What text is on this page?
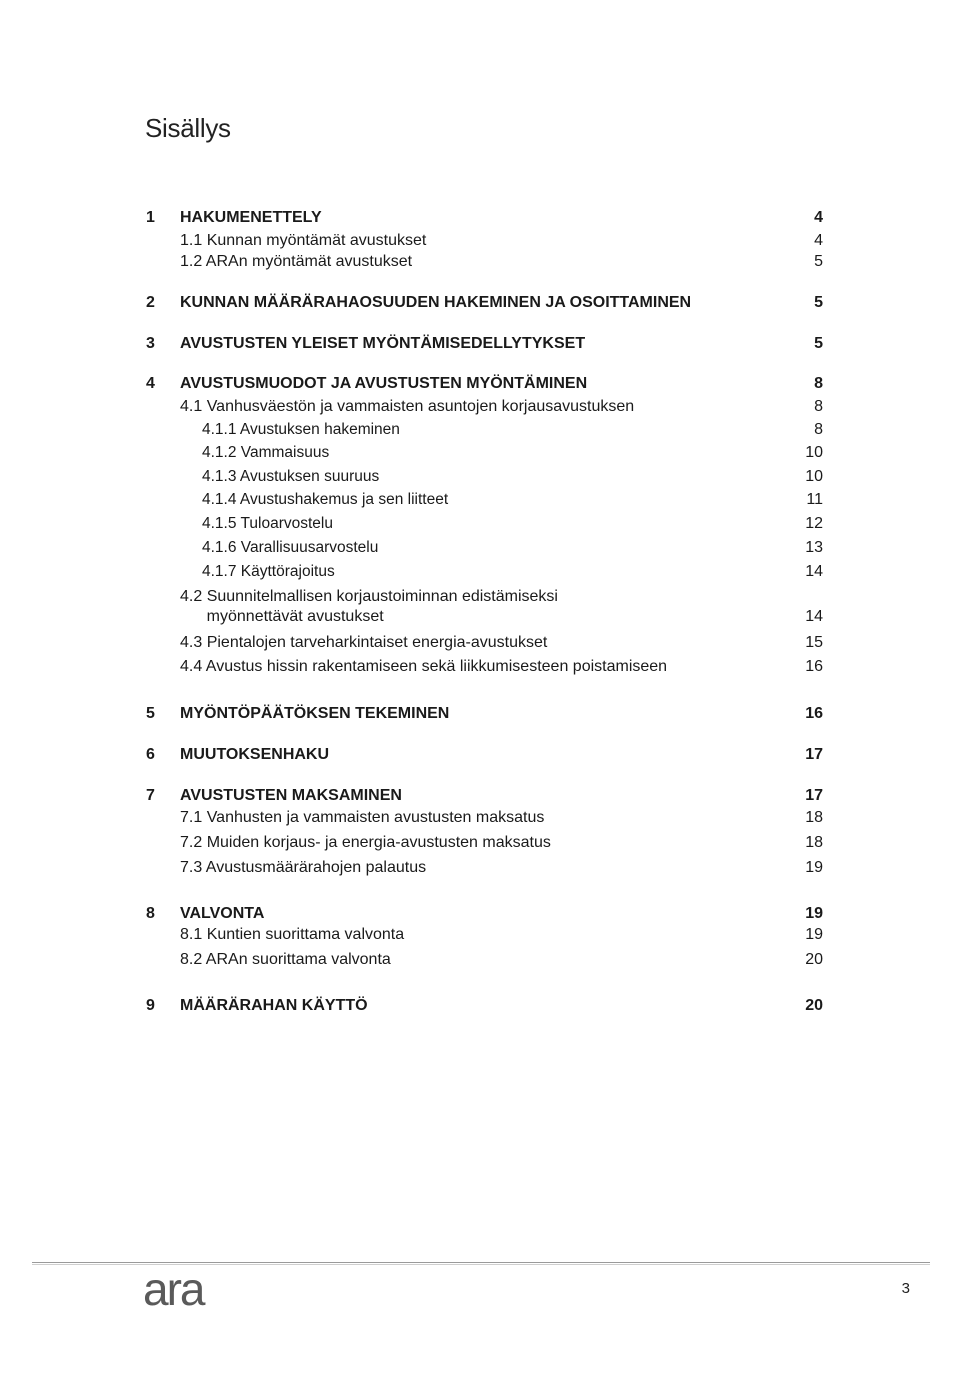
Sisällys
1 HAKUMENETTELY	4
1.1 Kunnan myöntämät avustukset	4
1.2 ARAn myöntämät avustukset	5
2 KUNNAN MÄÄRÄRAHAOSUUDEN HAKEMINEN JA OSOITTAMINEN	5
3 AVUSTUSTEN YLEISET MYÖNTÄMISEDELLYTYKSET	5
4 AVUSTUSMUODOT JA AVUSTUSTEN MYÖNTÄMINEN	8
4.1 Vanhusväestön ja vammaisten asuntojen korjausavustuksen	8
4.1.1 Avustuksen hakeminen	8
4.1.2 Vammaisuus	10
4.1.3 Avustuksen suuruus	10
4.1.4 Avustushakemus ja sen liitteet	11
4.1.5 Tuloarvostelu	12
4.1.6 Varallisuusarvostelu	13
4.1.7 Käyttörajoitus	14
4.2 Suunnitelmallisen korjaustoiminnan edistämiseksi
myönnettävät avustukset	14
4.3 Pientalojen tarveharkintaiset energia-avustukset	15
4.4 Avustus hissin rakentamiseen sekä liikkumisesteen poistamiseen	16
5 MYÖNTÖPÄÄTÖKSEN TEKEMINEN	16
6 MUUTOKSENHAKU	17
7 AVUSTUSTEN MAKSAMINEN	17
7.1 Vanhusten ja vammaisten avustusten maksatus	18
7.2 Muiden korjaus- ja energia-avustusten maksatus	18
7.3 Avustusmäärärahojen palautus	19
8 VALVONTA	19
8.1 Kuntien suorittama valvonta	19
8.2 ARAn suorittama valvonta	20
9 MÄÄRÄRAHAN KÄYTTÖ	20
ara	3
